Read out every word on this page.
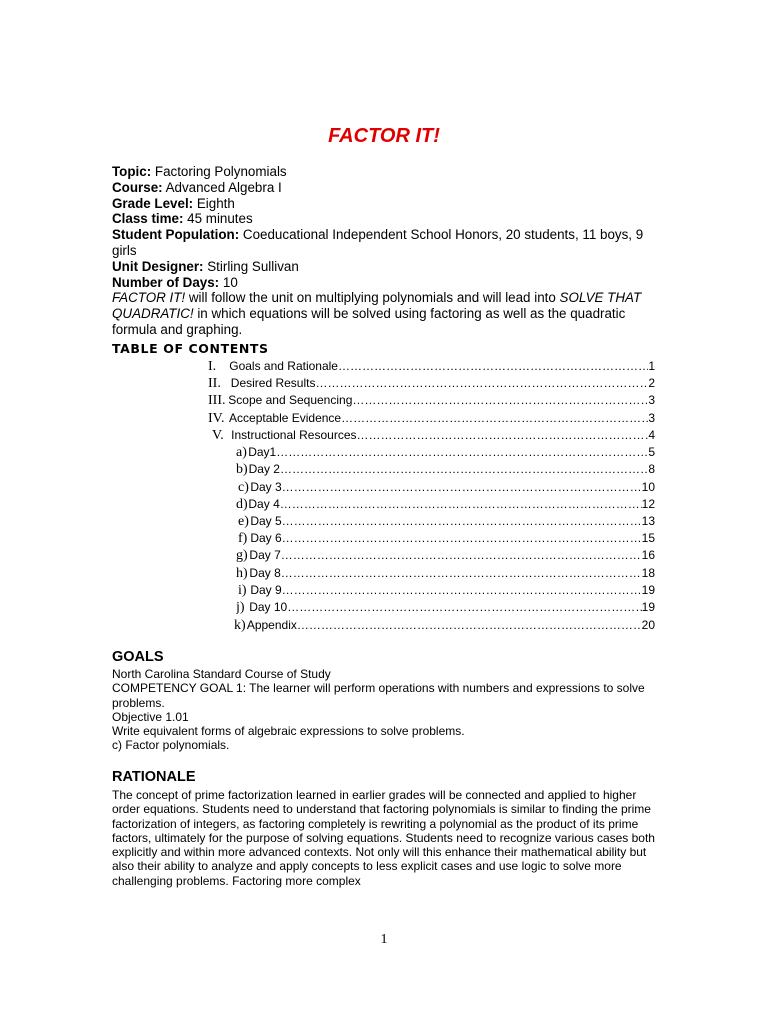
FACTOR IT!
Topic: Factoring Polynomials
Course: Advanced Algebra I
Grade Level: Eighth
Class time: 45 minutes
Student Population: Coeducational Independent School Honors, 20 students, 11 boys, 9 girls
Unit Designer: Stirling Sullivan
Number of Days: 10
FACTOR IT! will follow the unit on multiplying polynomials and will lead into SOLVE THAT QUADRATIC! in which equations will be solved using factoring as well as the quadratic formula and graphing.
TABLE OF CONTENTS
I.	Goals and Rationale ……………………………………………………………………………………………………………………………………………………	1
II. Desired Results ……………………………………………………………………………………………………………………………………………………	2
III. Scope and Sequencing ……………………………………………………………………………………………………………………………………………………	3
IV. Acceptable Evidence ……………………………………………………………………………………………………………………………………………………	3
V. Instructional Resources ……………………………………………………………………………………………………………………………………………………	4
a) Day1 ……………………………………………………………………………………………………………………………………………………	5
b) Day 2 ……………………………………………………………………………………………………………………………………………………	8
c) Day 3 ……………………………………………………………………………………………………………………………………………………	10
d) Day 4 ……………………………………………………………………………………………………………………………………………………	12
e) Day 5 ……………………………………………………………………………………………………………………………………………………	13
f) Day 6 ……………………………………………………………………………………………………………………………………………………	15
g) Day 7 ……………………………………………………………………………………………………………………………………………………	16
h) Day 8 ……………………………………………………………………………………………………………………………………………………	18
i) Day 9 ……………………………………………………………………………………………………………………………………………………	19
j) Day 10 ……………………………………………………………………………………………………………………………………………………	19
k) Appendix ……………………………………………………………………………………………………………………………………………………	20
GOALS

North Carolina Standard Course of Study

COMPETENCY GOAL 1: The learner will perform operations with numbers and expressions to solve problems.

Objective 1.01

Write equivalent forms of algebraic expressions to solve problems.

c) Factor polynomials.

RATIONALE

The concept of prime factorization learned in earlier grades will be connected and applied to higher order equations. Students need to understand that factoring polynomials is similar to finding the prime factorization of integers, as factoring completely is rewriting a polynomial as the product of its prime factors, ultimately for the purpose of solving equations. Students need to recognize various cases both explicitly and within more advanced contexts. Not only will this enhance their mathematical ability but also their ability to analyze and apply concepts to less explicit cases and use logic to solve more challenging problems. Factoring more complex

1
